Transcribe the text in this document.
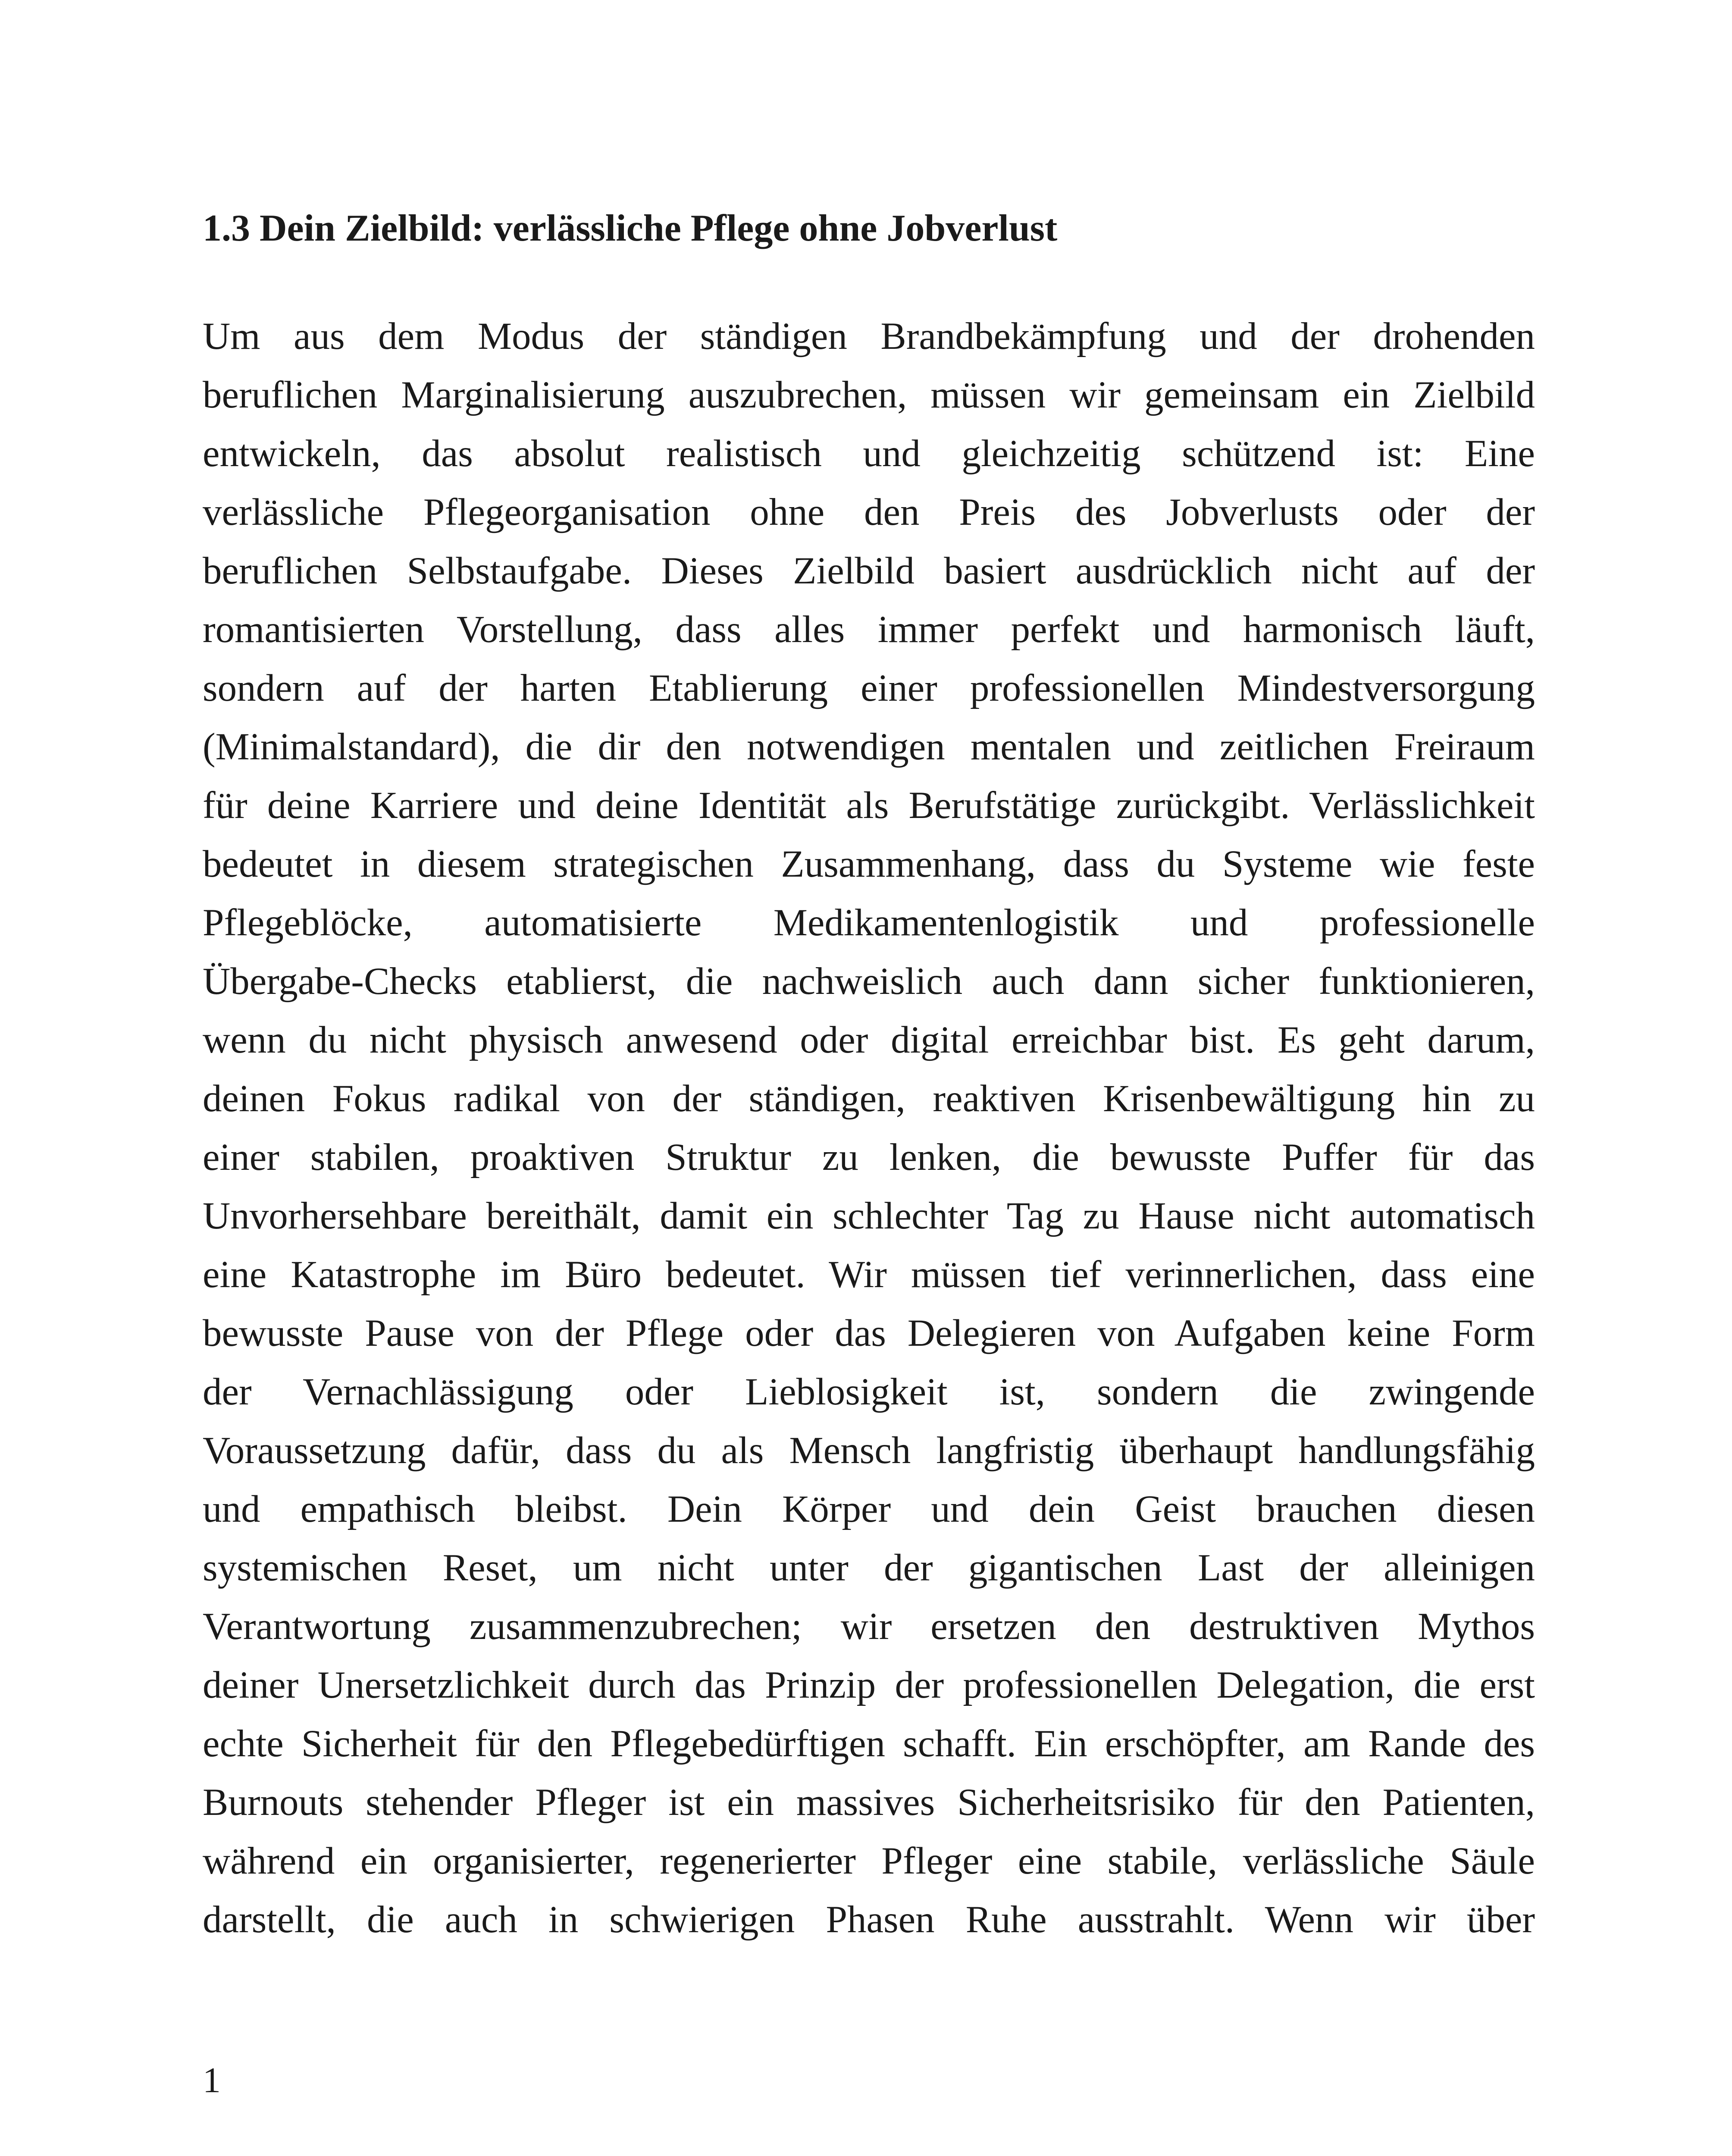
1.3 Dein Zielbild: verlässliche Pflege ohne Jobverlust
Um aus dem Modus der ständigen Brandbekämpfung und der drohenden
beruflichen Marginalisierung auszubrechen, müssen wir gemeinsam ein Zielbild
entwickeln, das absolut realistisch und gleichzeitig schützend ist: Eine
verlässliche Pflegeorganisation ohne den Preis des Jobverlusts oder der
beruflichen Selbstaufgabe. Dieses Zielbild basiert ausdrücklich nicht auf der
romantisierten Vorstellung, dass alles immer perfekt und harmonisch läuft,
sondern auf der harten Etablierung einer professionellen Mindestversorgung
(Minimalstandard), die dir den notwendigen mentalen und zeitlichen Freiraum
für deine Karriere und deine Identität als Berufstätige zurückgibt. Verlässlichkeit
bedeutet in diesem strategischen Zusammenhang, dass du Systeme wie feste
Pflegeblöcke, automatisierte Medikamentenlogistik und professionelle
Übergabe-Checks etablierst, die nachweislich auch dann sicher funktionieren,
wenn du nicht physisch anwesend oder digital erreichbar bist. Es geht darum,
deinen Fokus radikal von der ständigen, reaktiven Krisenbewältigung hin zu
einer stabilen, proaktiven Struktur zu lenken, die bewusste Puffer für das
Unvorhersehbare bereithält, damit ein schlechter Tag zu Hause nicht automatisch
eine Katastrophe im Büro bedeutet. Wir müssen tief verinnerlichen, dass eine
bewusste Pause von der Pflege oder das Delegieren von Aufgaben keine Form
der Vernachlässigung oder Lieblosigkeit ist, sondern die zwingende
Voraussetzung dafür, dass du als Mensch langfristig überhaupt handlungsfähig
und empathisch bleibst. Dein Körper und dein Geist brauchen diesen
systemischen Reset, um nicht unter der gigantischen Last der alleinigen
Verantwortung zusammenzubrechen; wir ersetzen den destruktiven Mythos
deiner Unersetzlichkeit durch das Prinzip der professionellen Delegation, die erst
echte Sicherheit für den Pflegebedürftigen schafft. Ein erschöpfter, am Rande des
Burnouts stehender Pfleger ist ein massives Sicherheitsrisiko für den Patienten,
während ein organisierter, regenerierter Pfleger eine stabile, verlässliche Säule
darstellt, die auch in schwierigen Phasen Ruhe ausstrahlt. Wenn wir über
1
